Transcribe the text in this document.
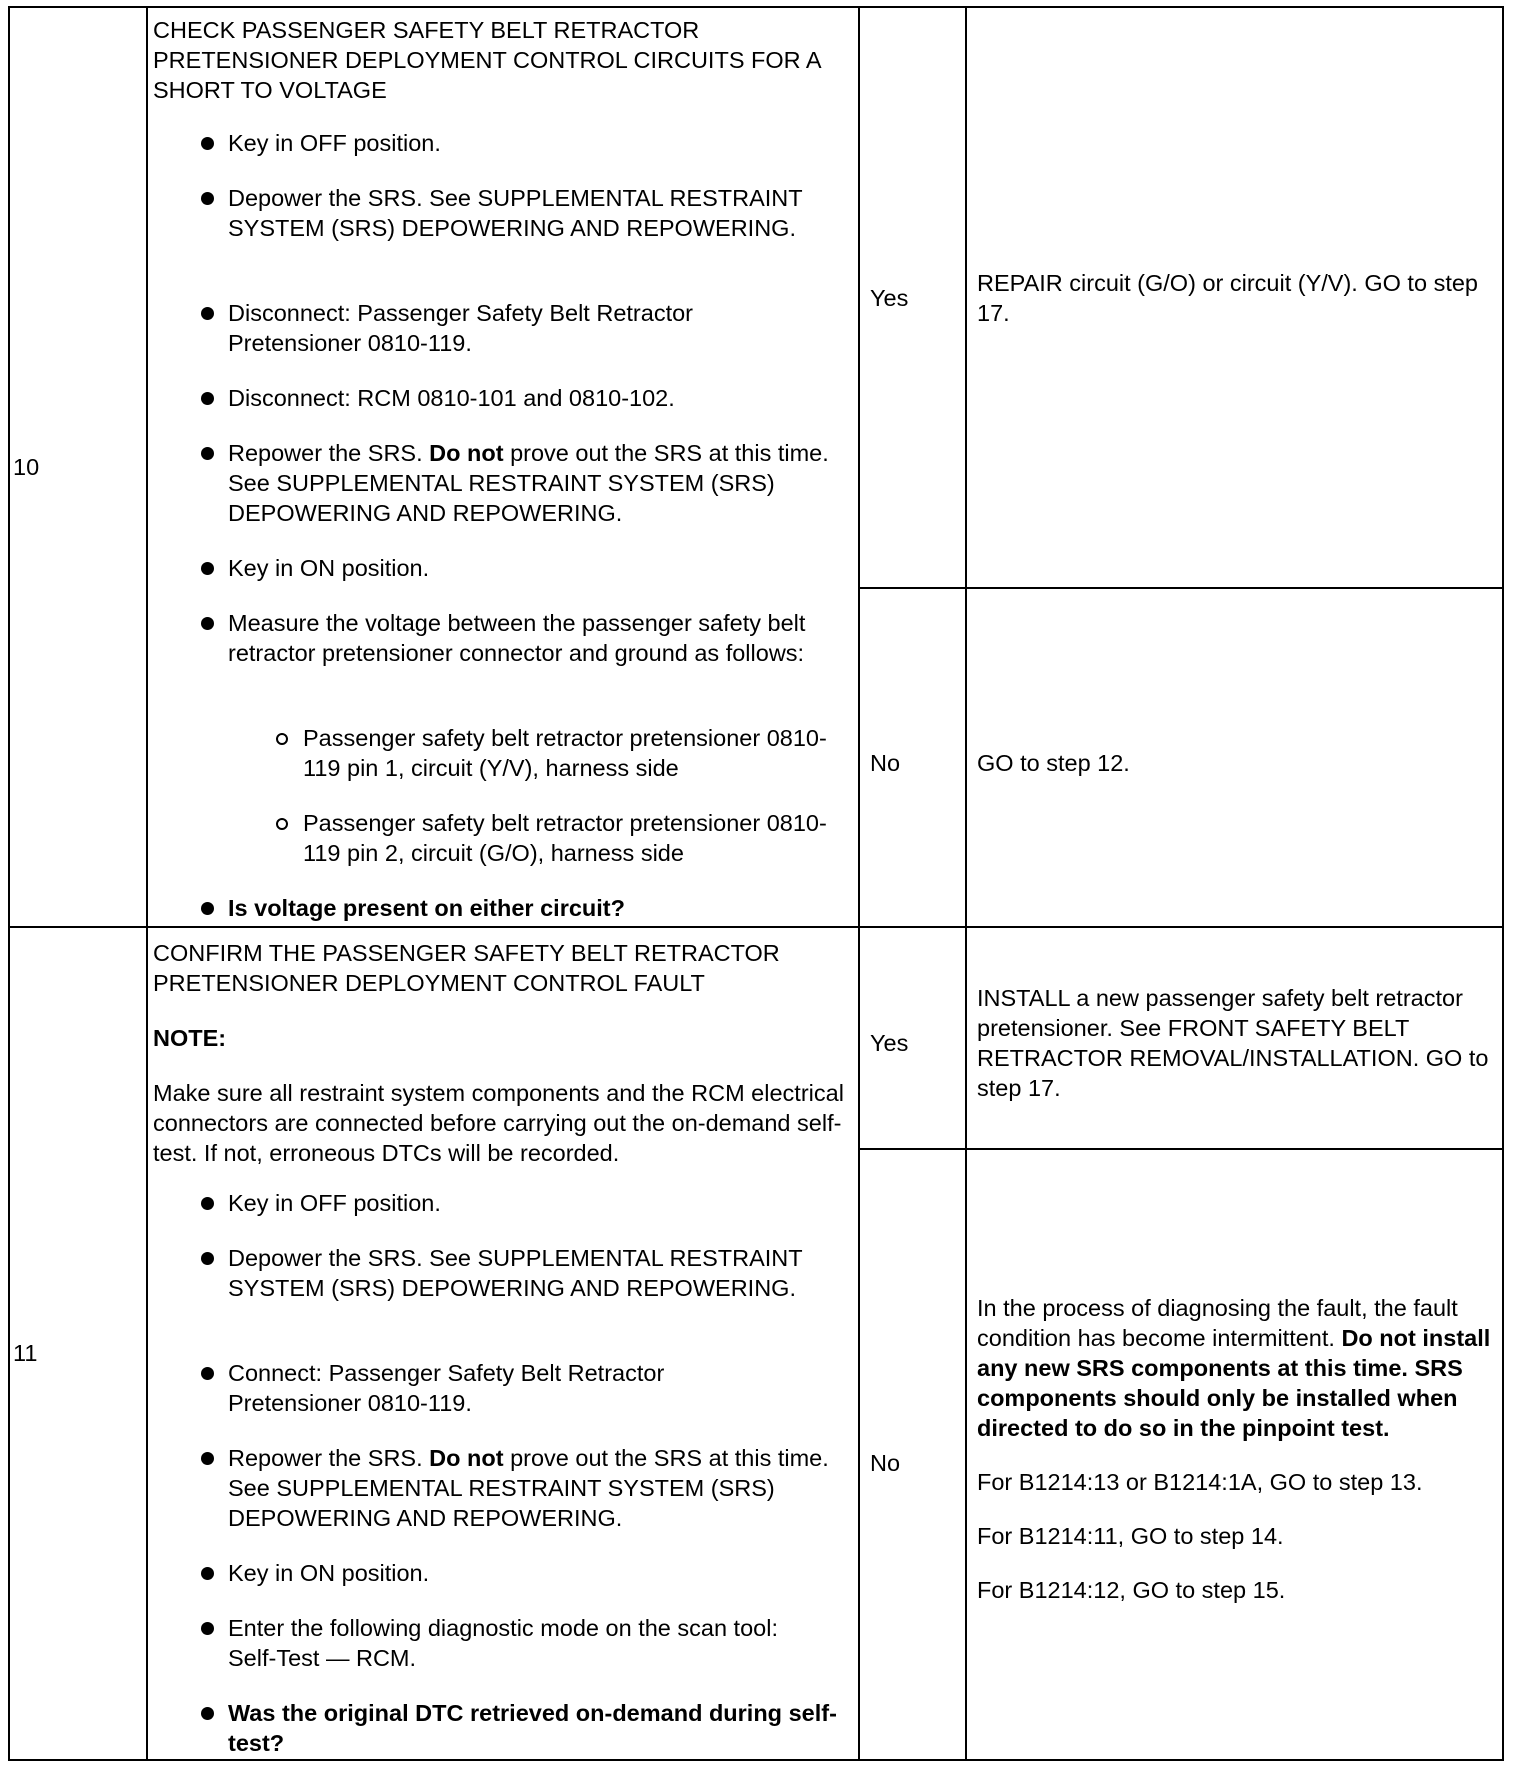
10
CHECK PASSENGER SAFETY BELT RETRACTOR PRETENSIONER DEPLOYMENT CONTROL CIRCUITS FOR A SHORT TO VOLTAGE
Key in OFF position.
Depower the SRS. See SUPPLEMENTAL RESTRAINT SYSTEM (SRS) DEPOWERING AND REPOWERING.
Disconnect: Passenger Safety Belt Retractor Pretensioner 0810-119.
Disconnect: RCM 0810-101 and 0810-102.
Repower the SRS. Do not prove out the SRS at this time. See SUPPLEMENTAL RESTRAINT SYSTEM (SRS) DEPOWERING AND REPOWERING.
Key in ON position.
Measure the voltage between the passenger safety belt retractor pretensioner connector and ground as follows:
Passenger safety belt retractor pretensioner 0810-119 pin 1, circuit (Y/V), harness side
Passenger safety belt retractor pretensioner 0810-119 pin 2, circuit (G/O), harness side
Is voltage present on either circuit?
Yes
REPAIR circuit (G/O) or circuit (Y/V). GO to step 17.
No	GO to step 12.
11
CONFIRM THE PASSENGER SAFETY BELT RETRACTOR PRETENSIONER DEPLOYMENT CONTROL FAULT
NOTE:
Make sure all restraint system components and the RCM electrical connectors are connected before carrying out the on-demand self-test. If not, erroneous DTCs will be recorded.
Key in OFF position.
Depower the SRS. See SUPPLEMENTAL RESTRAINT SYSTEM (SRS) DEPOWERING AND REPOWERING.
Connect: Passenger Safety Belt Retractor Pretensioner 0810-119.
Repower the SRS. Do not prove out the SRS at this time. See SUPPLEMENTAL RESTRAINT SYSTEM (SRS) DEPOWERING AND REPOWERING.
Key in ON position.
Enter the following diagnostic mode on the scan tool: Self-Test — RCM.
Was the original DTC retrieved on-demand during self-test?
Yes
INSTALL a new passenger safety belt retractor pretensioner. See FRONT SAFETY BELT RETRACTOR REMOVAL/INSTALLATION. GO to step 17.
No

In the process of diagnosing the fault, the fault condition has become intermittent. Do not install any new SRS components at this time. SRS components should only be installed when directed to do so in the pinpoint test.

For B1214:13 or B1214:1A, GO to step 13.

For B1214:11, GO to step 14.

For B1214:12, GO to step 15.
